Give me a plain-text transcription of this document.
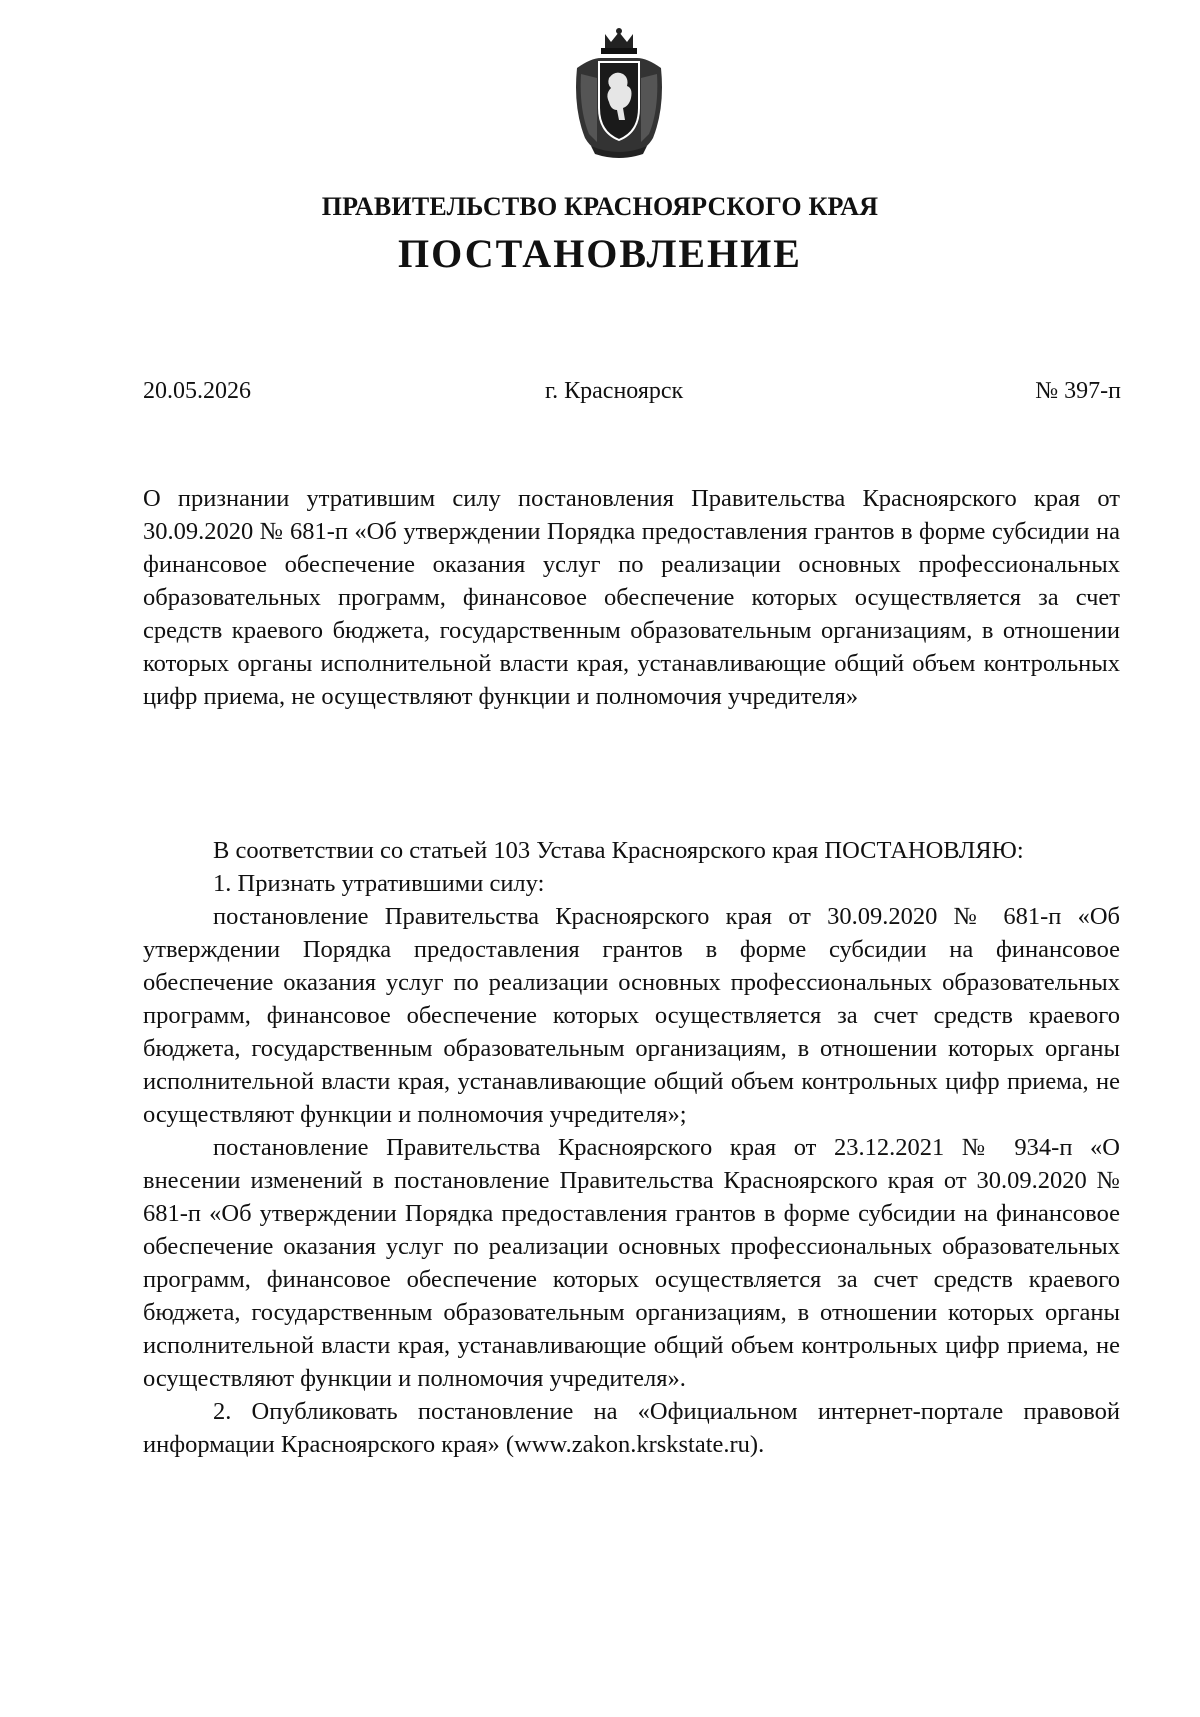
ПРАВИТЕЛЬСТВО КРАСНОЯРСКОГО КРАЯ
ПОСТАНОВЛЕНИЕ
20.05.2026	г. Красноярск	№ 397-п
О признании утратившим силу постановления Правительства Красноярского края от 30.09.2020 № 681-п «Об утверждении Порядка предоставления грантов в форме субсидии на финансовое обеспечение оказания услуг по реализации основных профессиональных образовательных программ, финансовое обеспечение которых осуществляется за счет средств краевого бюджета, государственным образовательным организациям, в отношении которых органы исполнительной власти края, устанавливающие общий объем контрольных цифр приема, не осуществляют функции и полномочия учредителя»

В соответствии со статьей 103 Устава Красноярского края ПОСТАНОВЛЯЮ:

1. Признать утратившими силу:

постановление Правительства Красноярского края от 30.09.2020 № 681-п «Об утверждении Порядка предоставления грантов в форме субсидии на финансовое обеспечение оказания услуг по реализации основных профессиональных образовательных программ, финансовое обеспечение которых осуществляется за счет средств краевого бюджета, государственным образовательным организациям, в отношении которых органы исполнительной власти края, устанавливающие общий объем контрольных цифр приема, не осуществляют функции и полномочия учредителя»;

постановление Правительства Красноярского края от 23.12.2021 № 934-п «О внесении изменений в постановление Правительства Красноярского края от 30.09.2020 № 681-п «Об утверждении Порядка предоставления грантов в форме субсидии на финансовое обеспечение оказания услуг по реализации основных профессиональных образовательных программ, финансовое обеспечение которых осуществляется за счет средств краевого бюджета, государственным образовательным организациям, в отношении которых органы исполнительной власти края, устанавливающие общий объем контрольных цифр приема, не осуществляют функции и полномочия учредителя».

2. Опубликовать постановление на «Официальном интернет-портале правовой информации Красноярского края» (www.zakon.krskstate.ru).
